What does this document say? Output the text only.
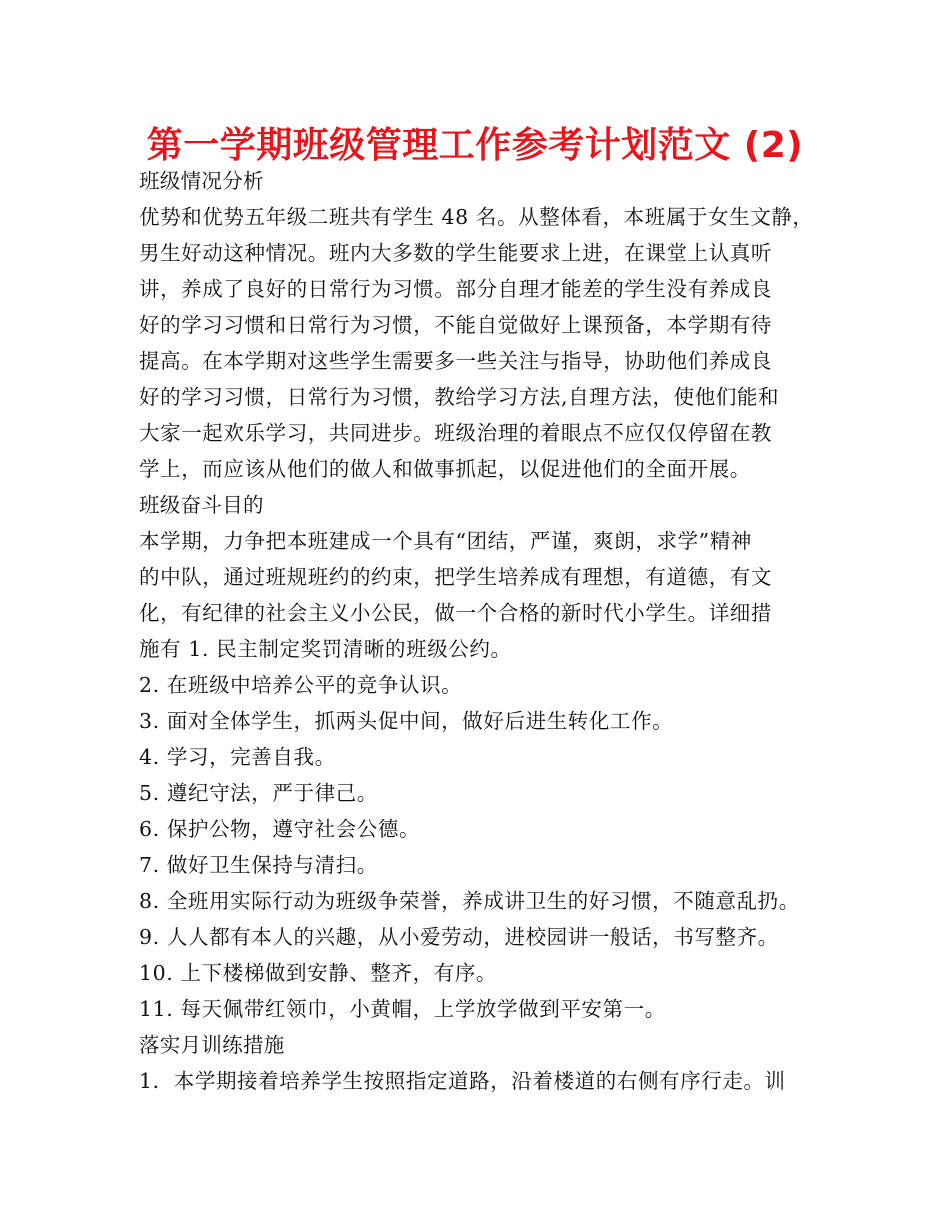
第一学期班级管理工作参考计划范文 (2)
班级情况分析
优势和优势五年级二班共有学生 48 名。从整体看，本班属于女生文静，
男生好动这种情况。班内大多数的学生能要求上进，在课堂上认真听
讲，养成了良好的日常行为习惯。部分自理才能差的学生没有养成良
好的学习习惯和日常行为习惯，不能自觉做好上课预备，本学期有待
提高。在本学期对这些学生需要多一些关注与指导，协助他们养成良
好的学习习惯，日常行为习惯，教给学习方法,自理方法，使他们能和
大家一起欢乐学习，共同进步。班级治理的着眼点不应仅仅停留在教
学上，而应该从他们的做人和做事抓起，以促进他们的全面开展。
班级奋斗目的
本学期，力争把本班建成一个具有“团结，严谨，爽朗，求学”精神
的中队，通过班规班约的约束，把学生培养成有理想，有道德，有文
化，有纪律的社会主义小公民，做一个合格的新时代小学生。详细措
施有 1. 民主制定奖罚清晰的班级公约。
2. 在班级中培养公平的竞争认识。
3. 面对全体学生，抓两头促中间，做好后进生转化工作。
4. 学习，完善自我。
5. 遵纪守法，严于律己。
6. 保护公物，遵守社会公德。
7. 做好卫生保持与清扫。
8. 全班用实际行动为班级争荣誉，养成讲卫生的好习惯，不随意乱扔。
9. 人人都有本人的兴趣，从小爱劳动，进校园讲一般话，书写整齐。
10. 上下楼梯做到安静、整齐，有序。
11. 每天佩带红领巾，小黄帽，上学放学做到平安第一。
落实月训练措施
1．本学期接着培养学生按照指定道路，沿着楼道的右侧有序行走。训
